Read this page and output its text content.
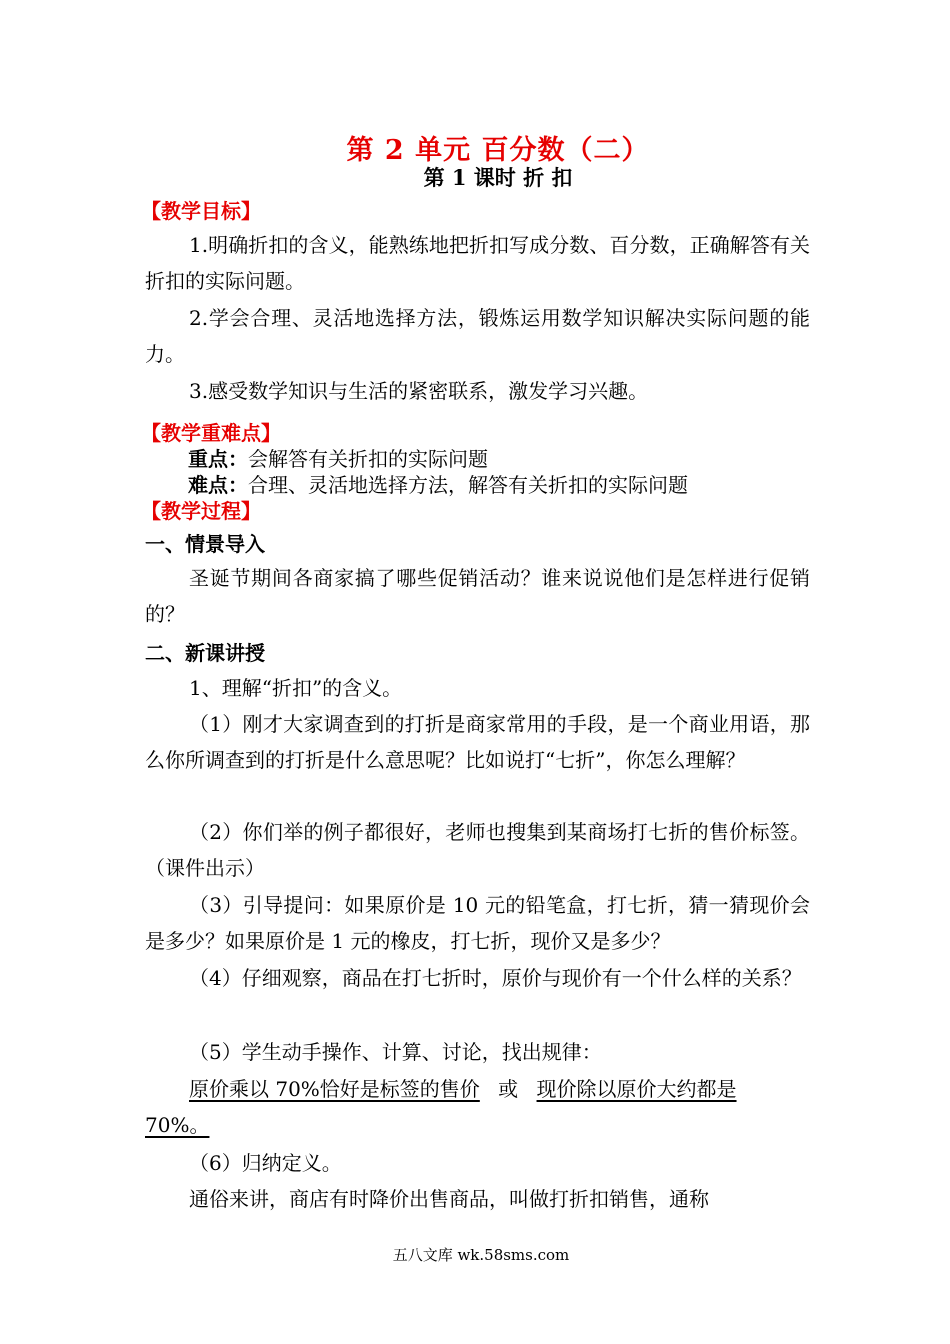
第 2 单元 百分数（二）
第 1 课时 折 扣
【教学目标】
1.明确折扣的含义，能熟练地把折扣写成分数、百分数，正确解答有关折扣的实际问题。
2.学会合理、灵活地选择方法，锻炼运用数学知识解决实际问题的能力。
3.感受数学知识与生活的紧密联系，激发学习兴趣。
【教学重难点】
重点：会解答有关折扣的实际问题
难点：合理、灵活地选择方法，解答有关折扣的实际问题
【教学过程】
一、情景导入
圣诞节期间各商家搞了哪些促销活动？谁来说说他们是怎样进行促销的？
二、新课讲授
1、理解“折扣”的含义。
（1）刚才大家调查到的打折是商家常用的手段，是一个商业用语，那么你所调查到的打折是什么意思呢？比如说打“七折”，你怎么理解？
（2）你们举的例子都很好，老师也搜集到某商场打七折的售价标签。（课件出示）
（3）引导提问：如果原价是 10 元的铅笔盒，打七折，猜一猜现价会是多少？如果原价是 1 元的橡皮，打七折，现价又是多少？
（4）仔细观察，商品在打七折时，原价与现价有一个什么样的关系？
（5）学生动手操作、计算、讨论，找出规律：
原价乘以 70%恰好是标签的售价 或 现价除以原价大约都是
70%。
（6）归纳定义。
通俗来讲，商店有时降价出售商品，叫做打折扣销售，通称
五八文库 wk.58sms.com
